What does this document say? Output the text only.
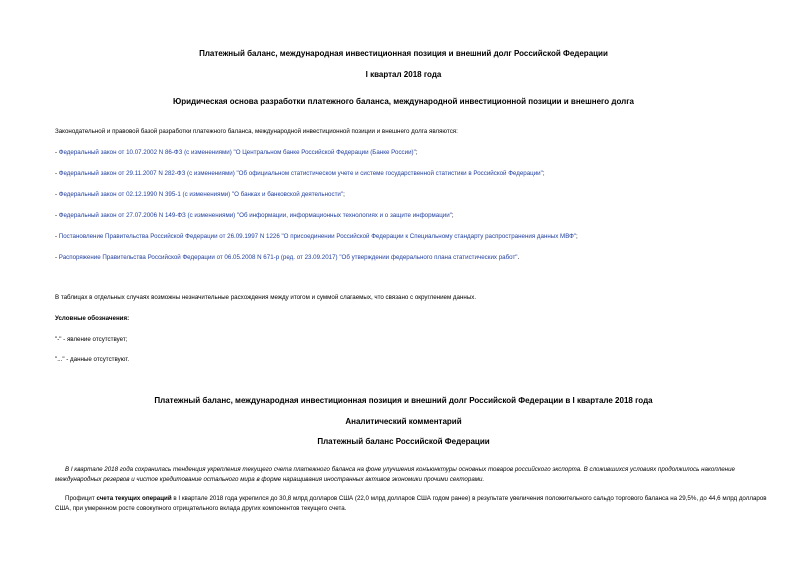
Платежный баланс, международная инвестиционная позиция и внешний долг Российской Федерации
I квартал 2018 года
Юридическая основа разработки платежного баланса, международной инвестиционной позиции и внешнего долга
Законодательной и правовой базой разработки платежного баланса, международной инвестиционной позиции и внешнего долга являются:
- Федеральный закон от 10.07.2002 N 86-ФЗ (с изменениями) "О Центральном банке Российской Федерации (Банке России)";
- Федеральный закон от 29.11.2007 N 282-ФЗ (с изменениями) "Об официальном статистическом учете и системе государственной статистики в Российской Федерации";
- Федеральный закон от 02.12.1990 N 395-1 (с изменениями) "О банках и банковской деятельности";
- Федеральный закон от 27.07.2006 N 149-ФЗ (с изменениями) "Об информации, информационных технологиях и о защите информации";
- Постановление Правительства Российской Федерации от 26.09.1997 N 1226 "О присоединении Российской Федерации к Специальному стандарту распространения данных МВФ";
- Распоряжение Правительства Российской Федерации от 06.05.2008 N 671-р (ред. от 23.09.2017) "Об утверждении федерального плана статистических работ".
В таблицах в отдельных случаях возможны незначительные расхождения между итогом и суммой слагаемых, что связано с округлением данных.
Условные обозначения:
"-" - явление отсутствует;
"..." - данные отсутствуют.
Платежный баланс, международная инвестиционная позиция и внешний долг Российской Федерации в I квартале 2018 года
Аналитический комментарий
Платежный баланс Российской Федерации
В I квартале 2018 года сохранилась тенденция укрепления текущего счета платежного баланса на фоне улучшения конъюнктуры основных товаров российского экспорта. В сложившихся условиях продолжилось накопление международных резервов и чистое кредитование остального мира в форме наращивания иностранных активов экономики прочими секторами.
Профицит счета текущих операций в I квартале 2018 года укрепился до 30,8 млрд долларов США (22,0 млрд долларов США годом ранее) в результате увеличения положительного сальдо торгового баланса на 29,5%, до 44,6 млрд долларов США, при умеренном росте совокупного отрицательного вклада других компонентов текущего счета.
